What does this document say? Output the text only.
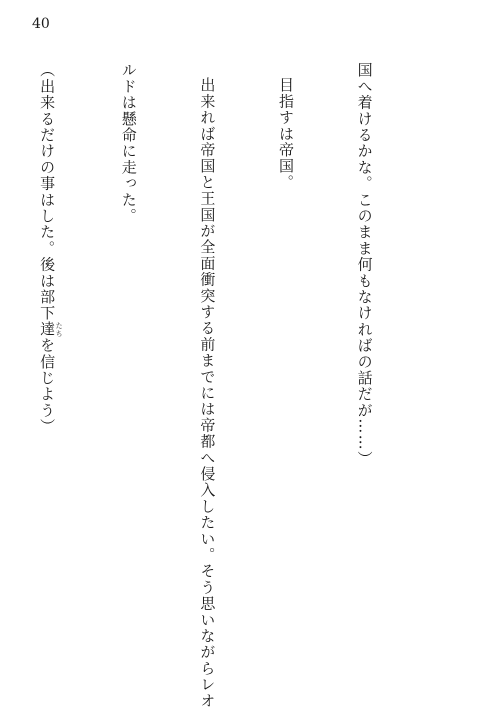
40

国へ着けるかな。このまま何もなければの話だが……）

目指すは帝国。

出来れば帝国と王国が全面衝突する前までには帝都へ侵入したい。そう思いながらレオ

ルドは懸命に走った。

（出来るだけの事はした。後は部下達 たちを信じよう）
